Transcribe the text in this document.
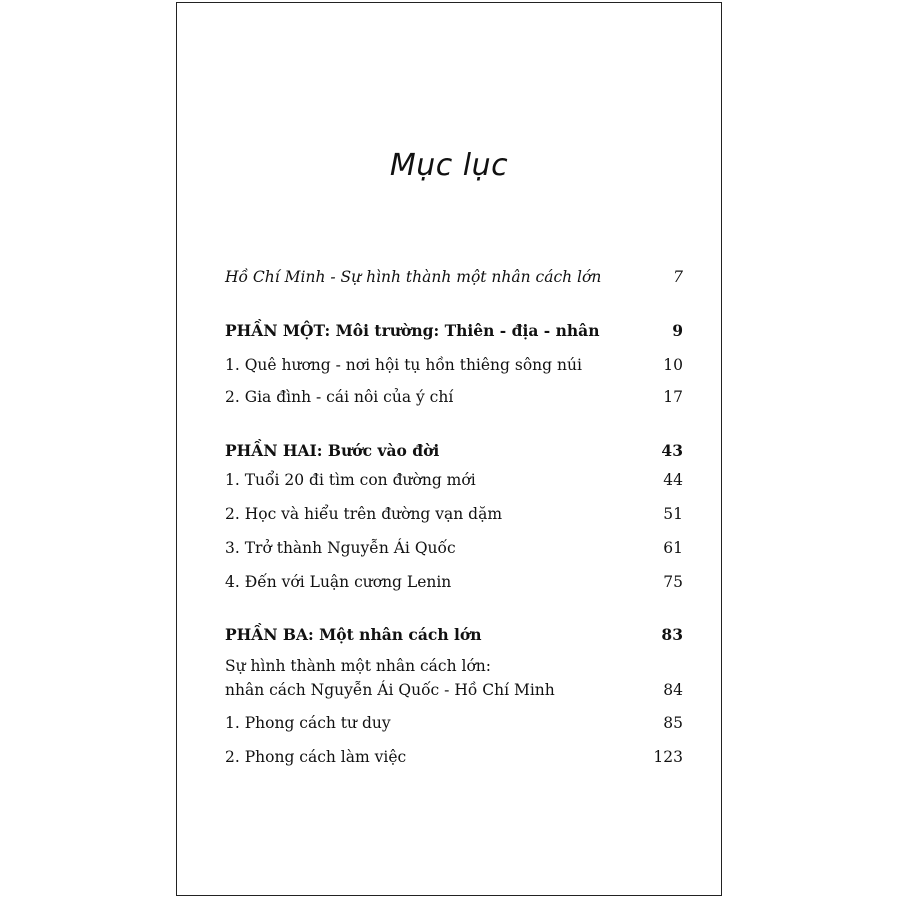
Mục lục
Hồ Chí Minh - Sự hình thành một nhân cách lớn	7
PHẦN MỘT: Môi trường: Thiên - địa - nhân	9
1. Quê hương - nơi hội tụ hồn thiêng sông núi	10
2. Gia đình - cái nôi của ý chí	17
PHẦN HAI: Bước vào đời	43
1. Tuổi 20 đi tìm con đường mới	44
2. Học và hiểu trên đường vạn dặm	51
3. Trở thành Nguyễn Ái Quốc	61
4. Đến với Luận cương Lenin	75
PHẦN BA: Một nhân cách lớn	83
Sự hình thành một nhân cách lớn:
nhân cách Nguyễn Ái Quốc - Hồ Chí Minh	84
1. Phong cách tư duy	85
2. Phong cách làm việc	123
